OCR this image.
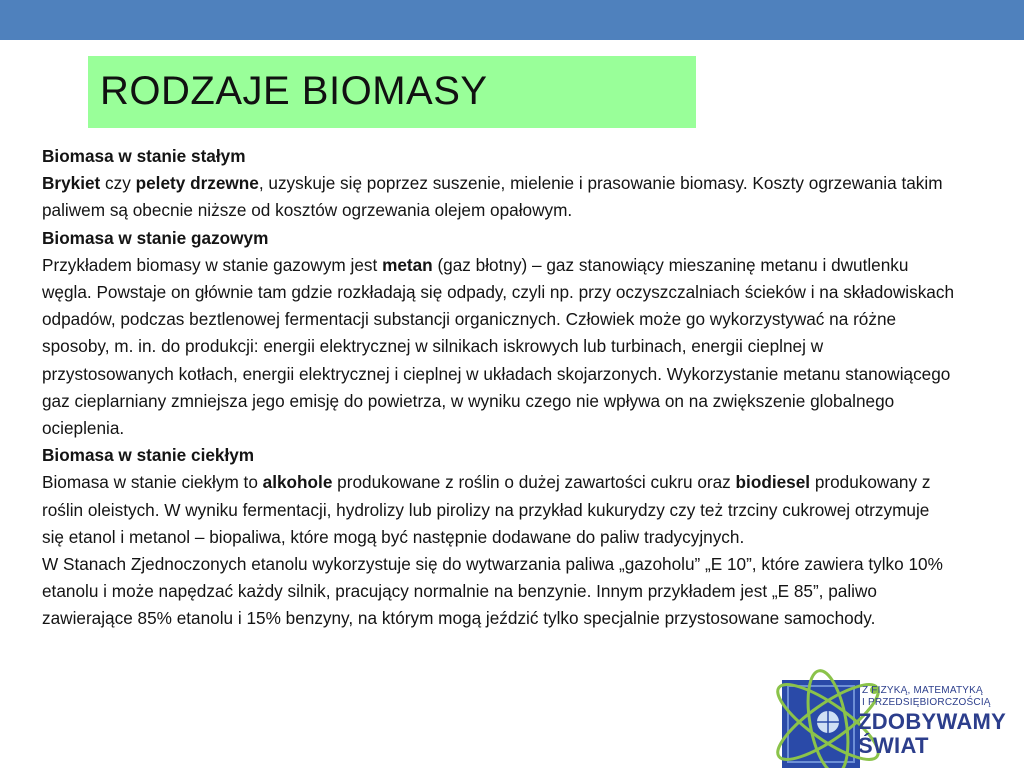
RODZAJE BIOMASY

Biomasa w stanie stałym

Brykiet czy pelety drzewne, uzyskuje się poprzez suszenie, mielenie i prasowanie biomasy. Koszty ogrzewania takim paliwem są obecnie niższe od kosztów ogrzewania olejem opałowym.

Biomasa w stanie gazowym

Przykładem biomasy w stanie gazowym jest metan (gaz błotny) – gaz stanowiący mieszaninę metanu i dwutlenku węgla. Powstaje on głównie tam gdzie rozkładają się odpady, czyli np. przy oczyszczalniach ścieków i na składowiskach odpadów, podczas beztlenowej fermentacji substancji organicznych. Człowiek może go wykorzystywać na różne sposoby, m. in. do produkcji: energii elektrycznej w silnikach iskrowych lub turbinach, energii cieplnej w przystosowanych kotłach, energii elektrycznej i cieplnej w układach skojarzonych. Wykorzystanie metanu stanowiącego gaz cieplarniany zmniejsza jego emisję do powietrza, w wyniku czego nie wpływa on na zwiększenie globalnego ocieplenia.

Biomasa w stanie ciekłym

Biomasa w stanie ciekłym to alkohole produkowane z roślin o dużej zawartości cukru oraz biodiesel produkowany z roślin oleistych. W wyniku fermentacji, hydrolizy lub pirolizy na przykład kukurydzy czy też trzciny cukrowej otrzymuje się etanol i metanol – biopaliwa, które mogą być następnie dodawane do paliw tradycyjnych.

W Stanach Zjednoczonych etanolu wykorzystuje się do wytwarzania paliwa „gazoholu” „E 10”, które zawiera tylko 10% etanolu i może napędzać każdy silnik, pracujący normalnie na benzynie. Innym przykładem jest „E 85”, paliwo zawierające 85% etanolu i 15% benzyny, na którym mogą jeździć tylko specjalnie przystosowane samochody.

Z FIZYKĄ, MATEMATYKĄ
I PRZEDSIĘBIORCZOŚCIĄ
ZDOBYWAMY
ŚWIAT
